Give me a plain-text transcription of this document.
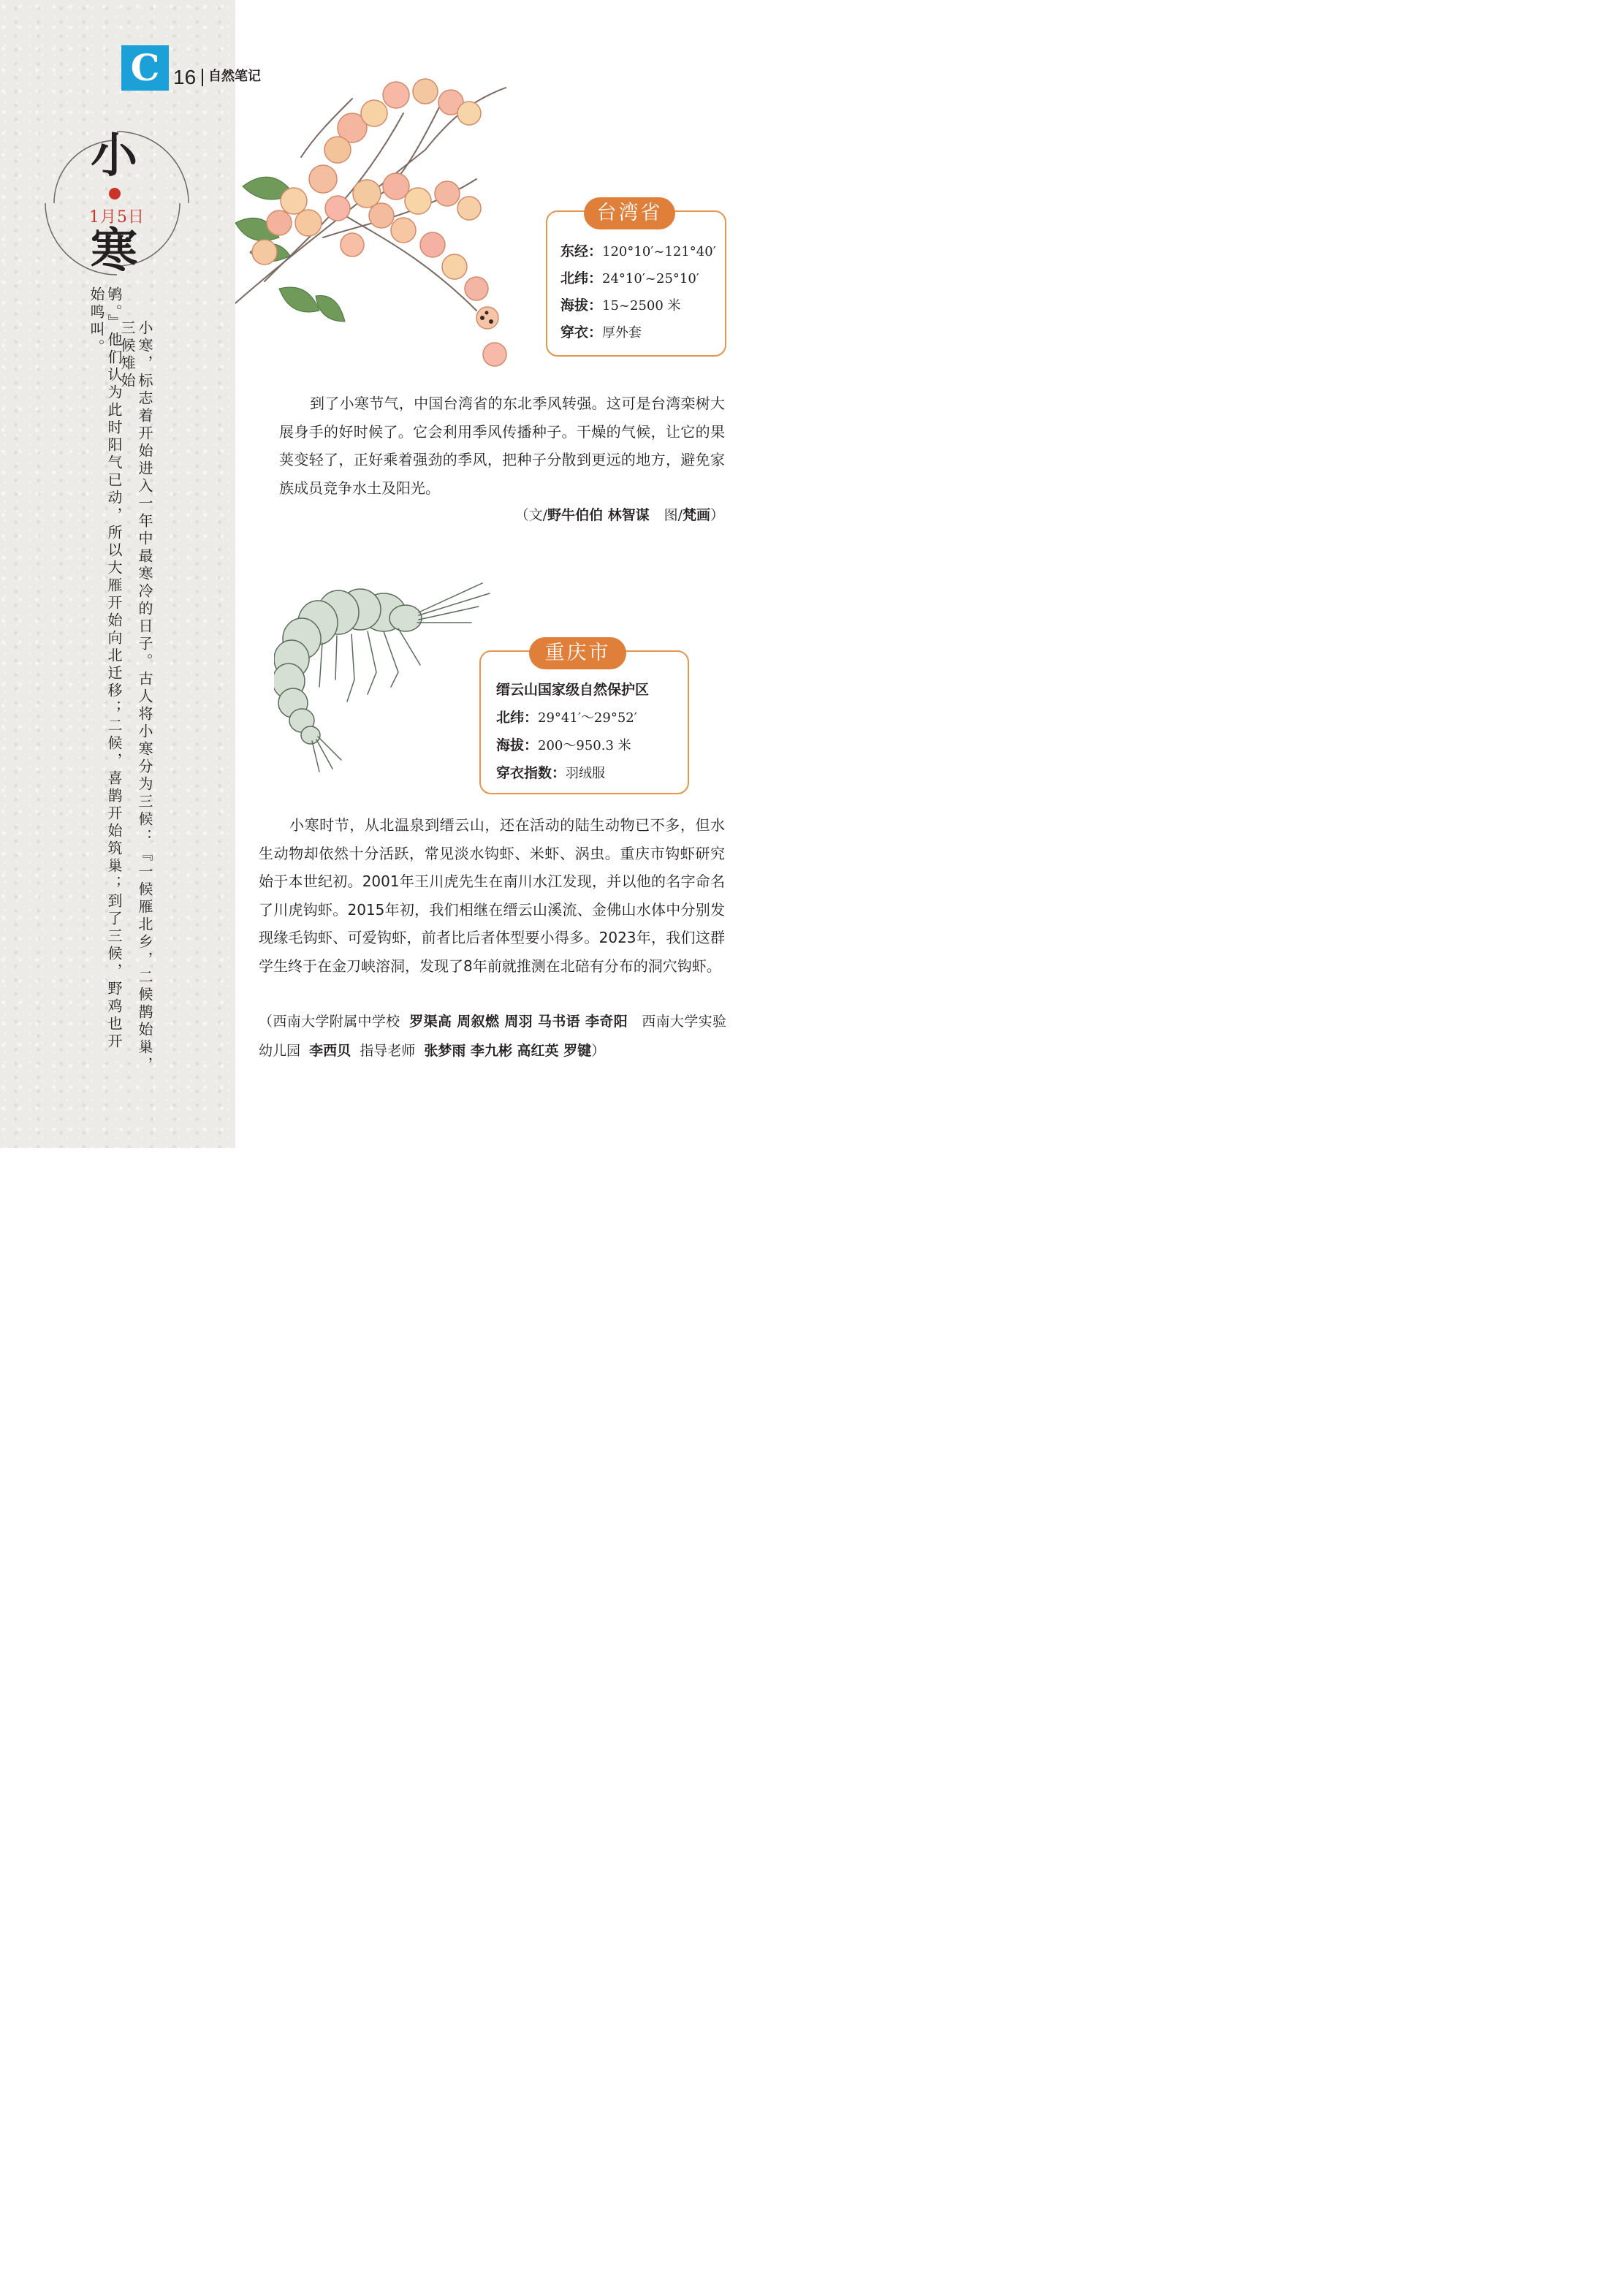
C 16 自然笔记
小
1月5日
寒
小寒，标志着开始进入一年中最寒冷的日子。古人将小寒分为三候：『一候雁北乡，二候鹊始巢，三候雉始
鸲。』他们认为此时阳气已动，所以大雁开始向北迁移；二候，喜鹊开始筑巢；到了三候，野鸡也开始鸣叫。
台湾省
东经：120°10′~121°40′
北纬：24°10′~25°10′
海拔：15~2500 米
穿衣：厚外套
到了小寒节气，中国台湾省的东北季风转强。这可是台湾栾树大展身手的好时候了。它会利用季风传播种子。干燥的气候，让它的果荚变轻了，正好乘着强劲的季风，把种子分散到更远的地方，避免家族成员竞争水土及阳光。
（文/野牛伯伯 林智谋 图/梵画）
重庆市
缙云山国家级自然保护区
北纬：29°41′～29°52′
海拔：200～950.3 米
穿衣指数：羽绒服
小寒时节，从北温泉到缙云山，还在活动的陆生动物已不多，但水生动物却依然十分活跃，常见淡水钩虾、米虾、涡虫。重庆市钩虾研究始于本世纪初。2001年王川虎先生在南川水江发现，并以他的名字命名了川虎钩虾。2015年初，我们相继在缙云山溪流、金佛山水体中分别发现缘毛钩虾、可爱钩虾，前者比后者体型要小得多。2023年，我们这群学生终于在金刀峡溶洞，发现了8年前就推测在北碚有分布的洞穴钩虾。
（西南大学附属中学校 罗渠高 周叙燃 周羽 马书语 李奇阳 西南大学实验幼儿园 李西贝 指导老师 张梦雨 李九彬 高红英 罗键）
